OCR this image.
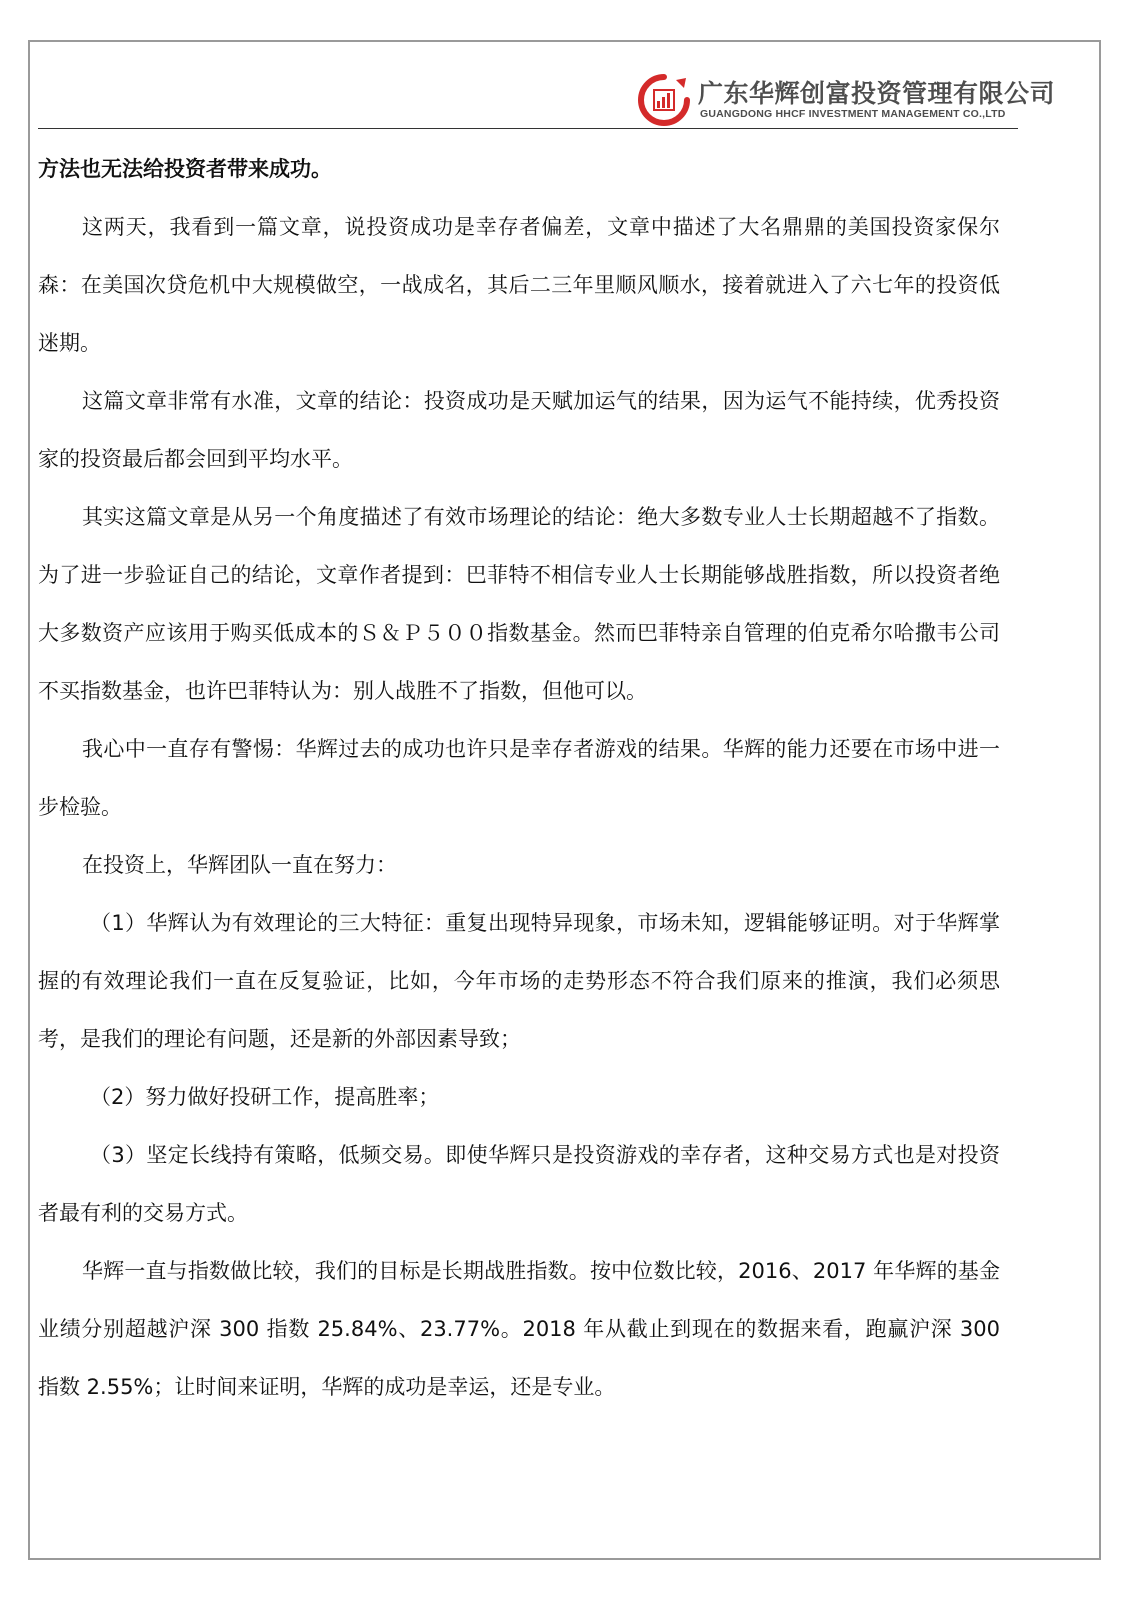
广东华辉创富投资管理有限公司
GUANGDONG HHCF INVESTMENT MANAGEMENT CO.,LTD

方法也无法给投资者带来成功。

这两天，我看到一篇文章，说投资成功是幸存者偏差，文章中描述了大名鼎鼎的美国投资家保尔森：在美国次贷危机中大规模做空，一战成名，其后二三年里顺风顺水，接着就进入了六七年的投资低迷期。

这篇文章非常有水准，文章的结论：投资成功是天赋加运气的结果，因为运气不能持续，优秀投资家的投资最后都会回到平均水平。

其实这篇文章是从另一个角度描述了有效市场理论的结论：绝大多数专业人士长期超越不了指数。为了进一步验证自己的结论，文章作者提到：巴菲特不相信专业人士长期能够战胜指数，所以投资者绝大多数资产应该用于购买低成本的Ｓ＆Ｐ５００指数基金。然而巴菲特亲自管理的伯克希尔哈撒韦公司不买指数基金，也许巴菲特认为：别人战胜不了指数，但他可以。

我心中一直存有警惕：华辉过去的成功也许只是幸存者游戏的结果。华辉的能力还要在市场中进一步检验。

在投资上，华辉团队一直在努力：

（1）华辉认为有效理论的三大特征：重复出现特异现象，市场未知，逻辑能够证明。对于华辉掌握的有效理论我们一直在反复验证，比如，今年市场的走势形态不符合我们原来的推演，我们必须思考，是我们的理论有问题，还是新的外部因素导致；

（2）努力做好投研工作，提高胜率；

（3）坚定长线持有策略，低频交易。即使华辉只是投资游戏的幸存者，这种交易方式也是对投资者最有利的交易方式。

华辉一直与指数做比较，我们的目标是长期战胜指数。按中位数比较，2016、2017 年华辉的基金业绩分别超越沪深 300 指数 25.84%、23.77%。2018 年从截止到现在的数据来看，跑赢沪深 300 指数 2.55%；让时间来证明，华辉的成功是幸运，还是专业。
